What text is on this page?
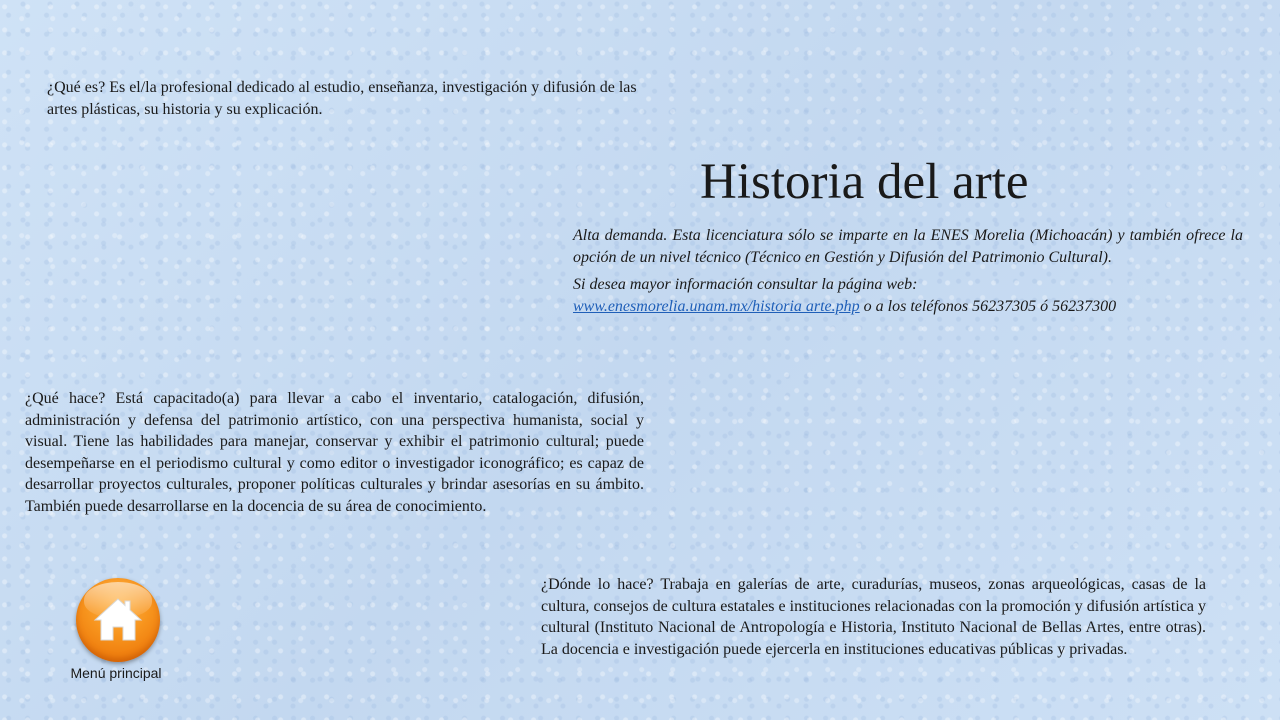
¿Qué es? Es el/la profesional dedicado al estudio, enseñanza, investigación y difusión de las artes plásticas, su historia y su explicación.
Historia del arte

Alta demanda. Esta licenciatura sólo se imparte en la ENES Morelia (Michoacán) y también ofrece la opción de un nivel técnico (Técnico en Gestión y Difusión del Patrimonio Cultural).

Si desea mayor información consultar la página web:
www.enesmorelia.unam.mx/historia arte.php o a los teléfonos 56237305 ó 56237300

¿Qué hace? Está capacitado(a) para llevar a cabo el inventario, catalogación, difusión, administración y defensa del patrimonio artístico, con una perspectiva humanista, social y visual. Tiene las habilidades para manejar, conservar y exhibir el patrimonio cultural; puede desempeñarse en el periodismo cultural y como editor o investigador iconográfico; es capaz de desarrollar proyectos culturales, proponer políticas culturales y brindar asesorías en su ámbito. También puede desarrollarse en la docencia de su área de conocimiento.
¿Dónde lo hace? Trabaja en galerías de arte, curadurías, museos, zonas arqueológicas, casas de la cultura, consejos de cultura estatales e instituciones relacionadas con la promoción y difusión artística y cultural (Instituto Nacional de Antropología e Historia, Instituto Nacional de Bellas Artes, entre otras). La docencia e investigación puede ejercerla en instituciones educativas públicas y privadas.
Menú principal
